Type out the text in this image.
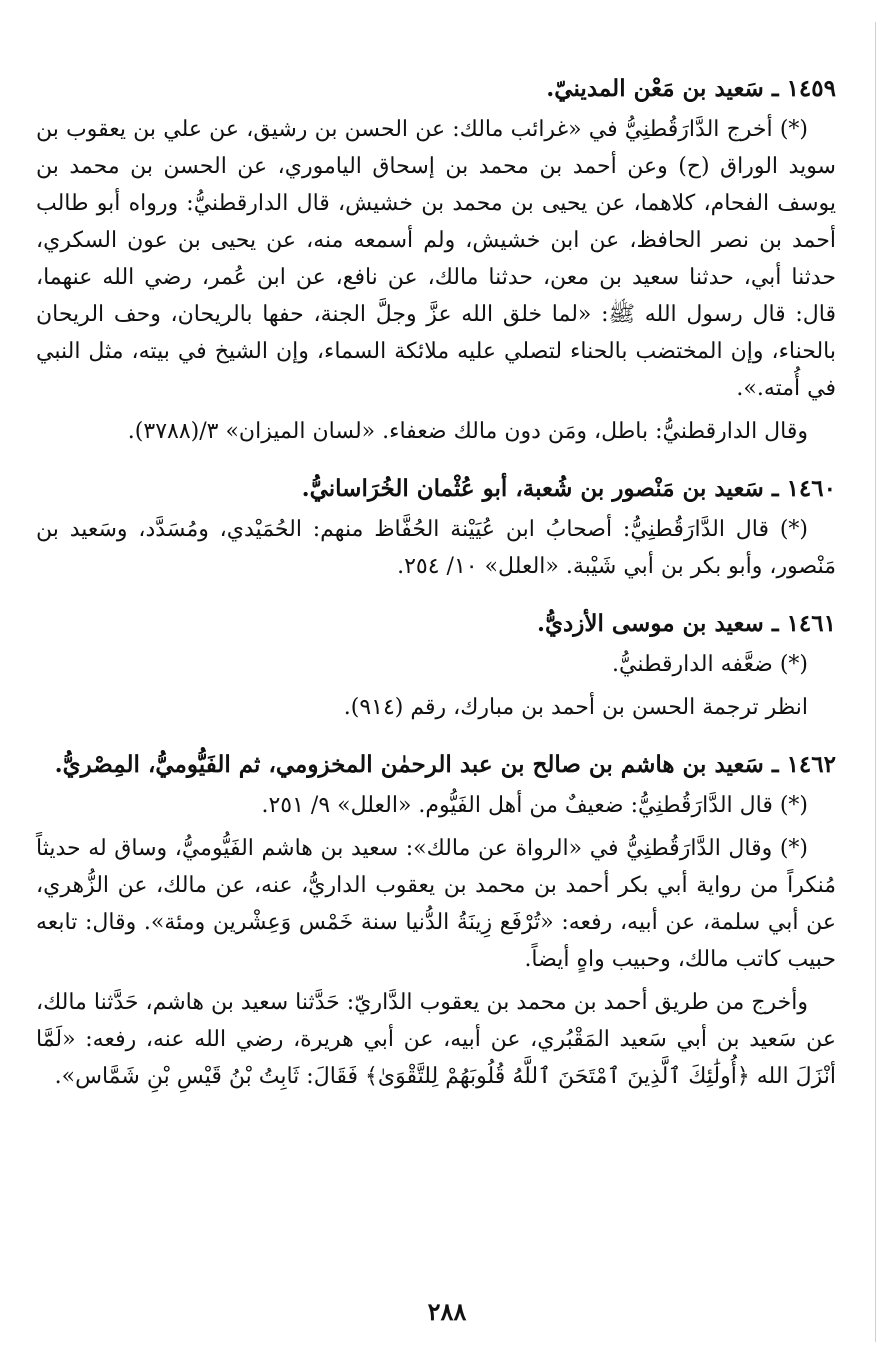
١٤٥٩ ـ سَعيد بن مَعْن المدينيّ.

(*) أخرج الدَّارَقُطنِيُّ في «غرائب مالك: عن الحسن بن رشيق، عن علي بن يعقوب بن سويد الوراق (ح) وعن أحمد بن محمد بن إسحاق الياموري، عن الحسن بن محمد بن يوسف الفحام، كلاهما، عن يحيى بن محمد بن خشيش، قال الدارقطنيُّ: ورواه أبو طالب أحمد بن نصر الحافظ، عن ابن خشيش، ولم أسمعه منه، عن يحيى بن عون السكري، حدثنا أبي، حدثنا سعيد بن معن، حدثنا مالك، عن نافع، عن ابن عُمر، رضي الله عنهما، قال: قال رسول الله ﷺ: «لما خلق الله عزَّ وجلَّ الجنة، حفها بالريحان، وحف الريحان بالحناء، وإن المختضب بالحناء لتصلي عليه ملائكة السماء، وإن الشيخ في بيته، مثل النبي في أُمته.».

وقال الدارقطنيُّ: باطل، ومَن دون مالك ضعفاء. «لسان الميزان» ٣/(٣٧٨٨).

١٤٦٠ ـ سَعيد بن مَنْصور بن شُعبة، أبو عُثْمان الخُرَاسانيُّ.

(*) قال الدَّارَقُطنِيُّ: أصحابُ ابن عُيَيْنة الحُفَّاظ منهم: الحُمَيْدي، ومُسَدَّد، وسَعيد بن مَنْصور، وأبو بكر بن أبي شَيْبة. «العلل» ١٠/ ٢٥٤.

١٤٦١ ـ سعيد بن موسى الأزديُّ.

(*) ضعَّفه الدارقطنيُّ.

انظر ترجمة الحسن بن أحمد بن مبارك، رقم (٩١٤).

١٤٦٢ ـ سَعيد بن هاشم بن صالح بن عبد الرحمٰن المخزومي، ثم الفَيُّوميُّ، المِصْريُّ.

(*) قال الدَّارَقُطنِيُّ: ضعيفٌ من أهل الفَيُّوم. «العلل» ٩/ ٢٥١.

(*) وقال الدَّارَقُطنِيُّ في «الرواة عن مالك»: سعيد بن هاشم الفَيُّوميُّ، وساق له حديثاً مُنكراً من رواية أبي بكر أحمد بن محمد بن يعقوب الداريُّ، عنه، عن مالك، عن الزُّهري، عن أبي سلمة، عن أبيه، رفعه: «تُرْفَع زِينَةُ الدُّنيا سنة خَمْس وَعِشْرين ومئة». وقال: تابعه حبيب كاتب مالك، وحبيب واهٍ أيضاً.

وأخرج من طريق أحمد بن محمد بن يعقوب الدَّاريّ: حَدَّثنا سعيد بن هاشم، حَدَّثنا مالك، عن سَعيد بن أبي سَعيد المَقْبُري، عن أبيه، عن أبي هريرة، رضي الله عنه، رفعه: «لَمَّا أنْزَلَ الله ﴿أُولَٰئِكَ ٱلَّذِينَ ٱمْتَحَنَ ٱللَّهُ قُلُوبَهُمْ لِلتَّقْوَىٰ﴾ فَقَالَ: ثَابِتُ بْنُ قَيْسِ بْنِ شَمَّاس».

٢٨٨
